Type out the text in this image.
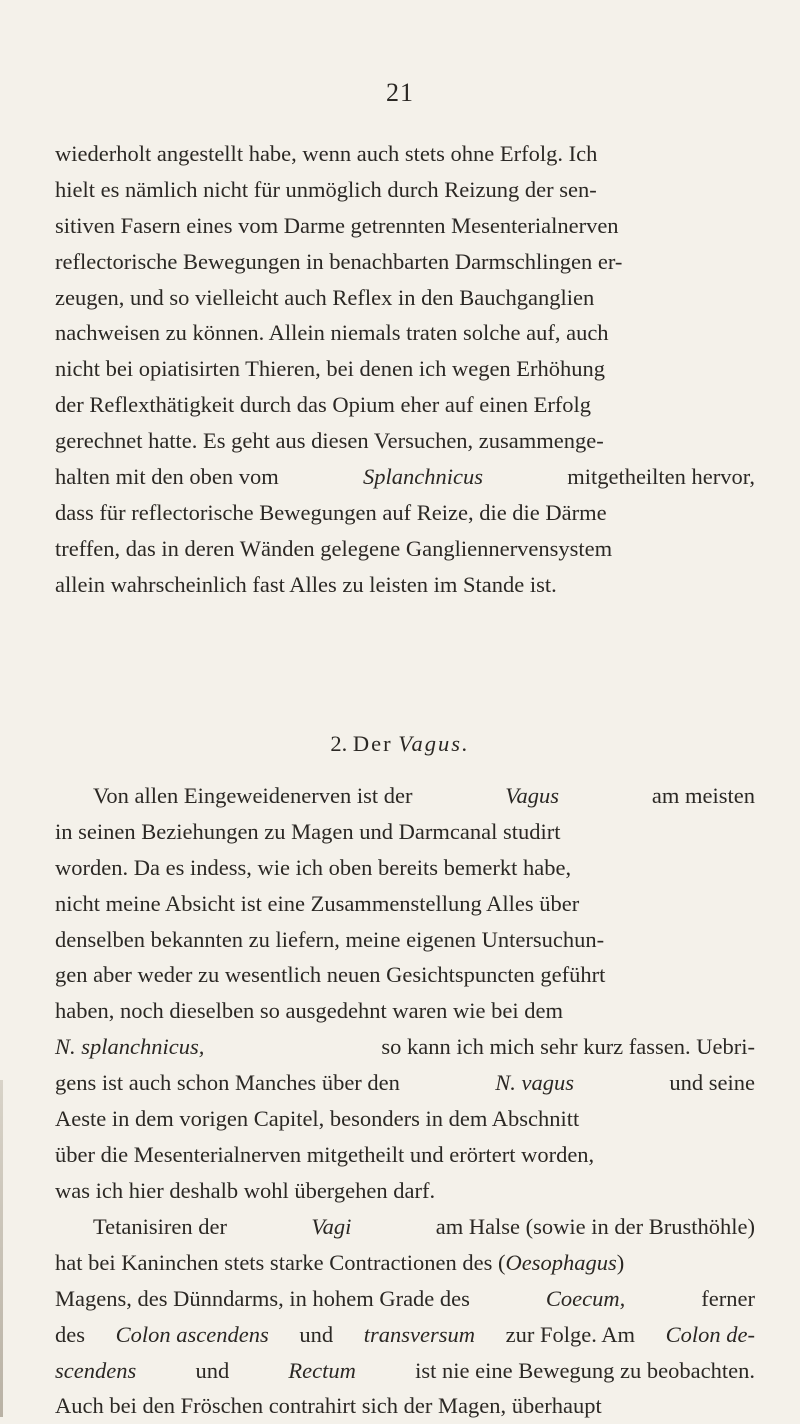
21
wiederholt angestellt habe, wenn auch stets ohne Erfolg. Ich
hielt es nämlich nicht für unmöglich durch Reizung der sen-
sitiven Fasern eines vom Darme getrennten Mesenterialnerven
reflectorische Bewegungen in benachbarten Darmschlingen er-
zeugen, und so vielleicht auch Reflex in den Bauchganglien
nachweisen zu können. Allein niemals traten solche auf, auch
nicht bei opiatisirten Thieren, bei denen ich wegen Erhöhung
der Reflexthätigkeit durch das Opium eher auf einen Erfolg
gerechnet hatte. Es geht aus diesen Versuchen, zusammenge-
halten mit den oben vom	Splanchnicus	mitgetheilten hervor,
dass für reflectorische Bewegungen auf Reize, die die Därme
treffen, das in deren Wänden gelegene Gangliennervensystem
allein wahrscheinlich fast Alles zu leisten im Stande ist.
2. Der Vagus.
Von allen Eingeweidenerven ist der	Vagus	am meisten
in seinen Beziehungen zu Magen und Darmcanal studirt
worden. Da es indess, wie ich oben bereits bemerkt habe,
nicht meine Absicht ist eine Zusammenstellung Alles über
denselben bekannten zu liefern, meine eigenen Untersuchun-
gen aber weder zu wesentlich neuen Gesichtspuncten geführt
haben, noch dieselben so ausgedehnt waren wie bei dem
N. splanchnicus,	so kann ich mich sehr kurz fassen. Uebri-
gens ist auch schon Manches über den	N. vagus	und seine
Aeste in dem vorigen Capitel, besonders in dem Abschnitt
über die Mesenterialnerven mitgetheilt und erörtert worden,
was ich hier deshalb wohl übergehen darf.
Tetanisiren der	Vagi	am Halse (sowie in der Brusthöhle)
hat bei Kaninchen stets starke Contractionen des (Oesophagus)
Magens, des Dünndarms, in hohem Grade des	Coecum,	ferner
des Colon ascendens und transversum zur Folge. Am Colon de-
scendens	und	Rectum	ist nie eine Bewegung zu beobachten.
Auch bei den Fröschen contrahirt sich der Magen, überhaupt
